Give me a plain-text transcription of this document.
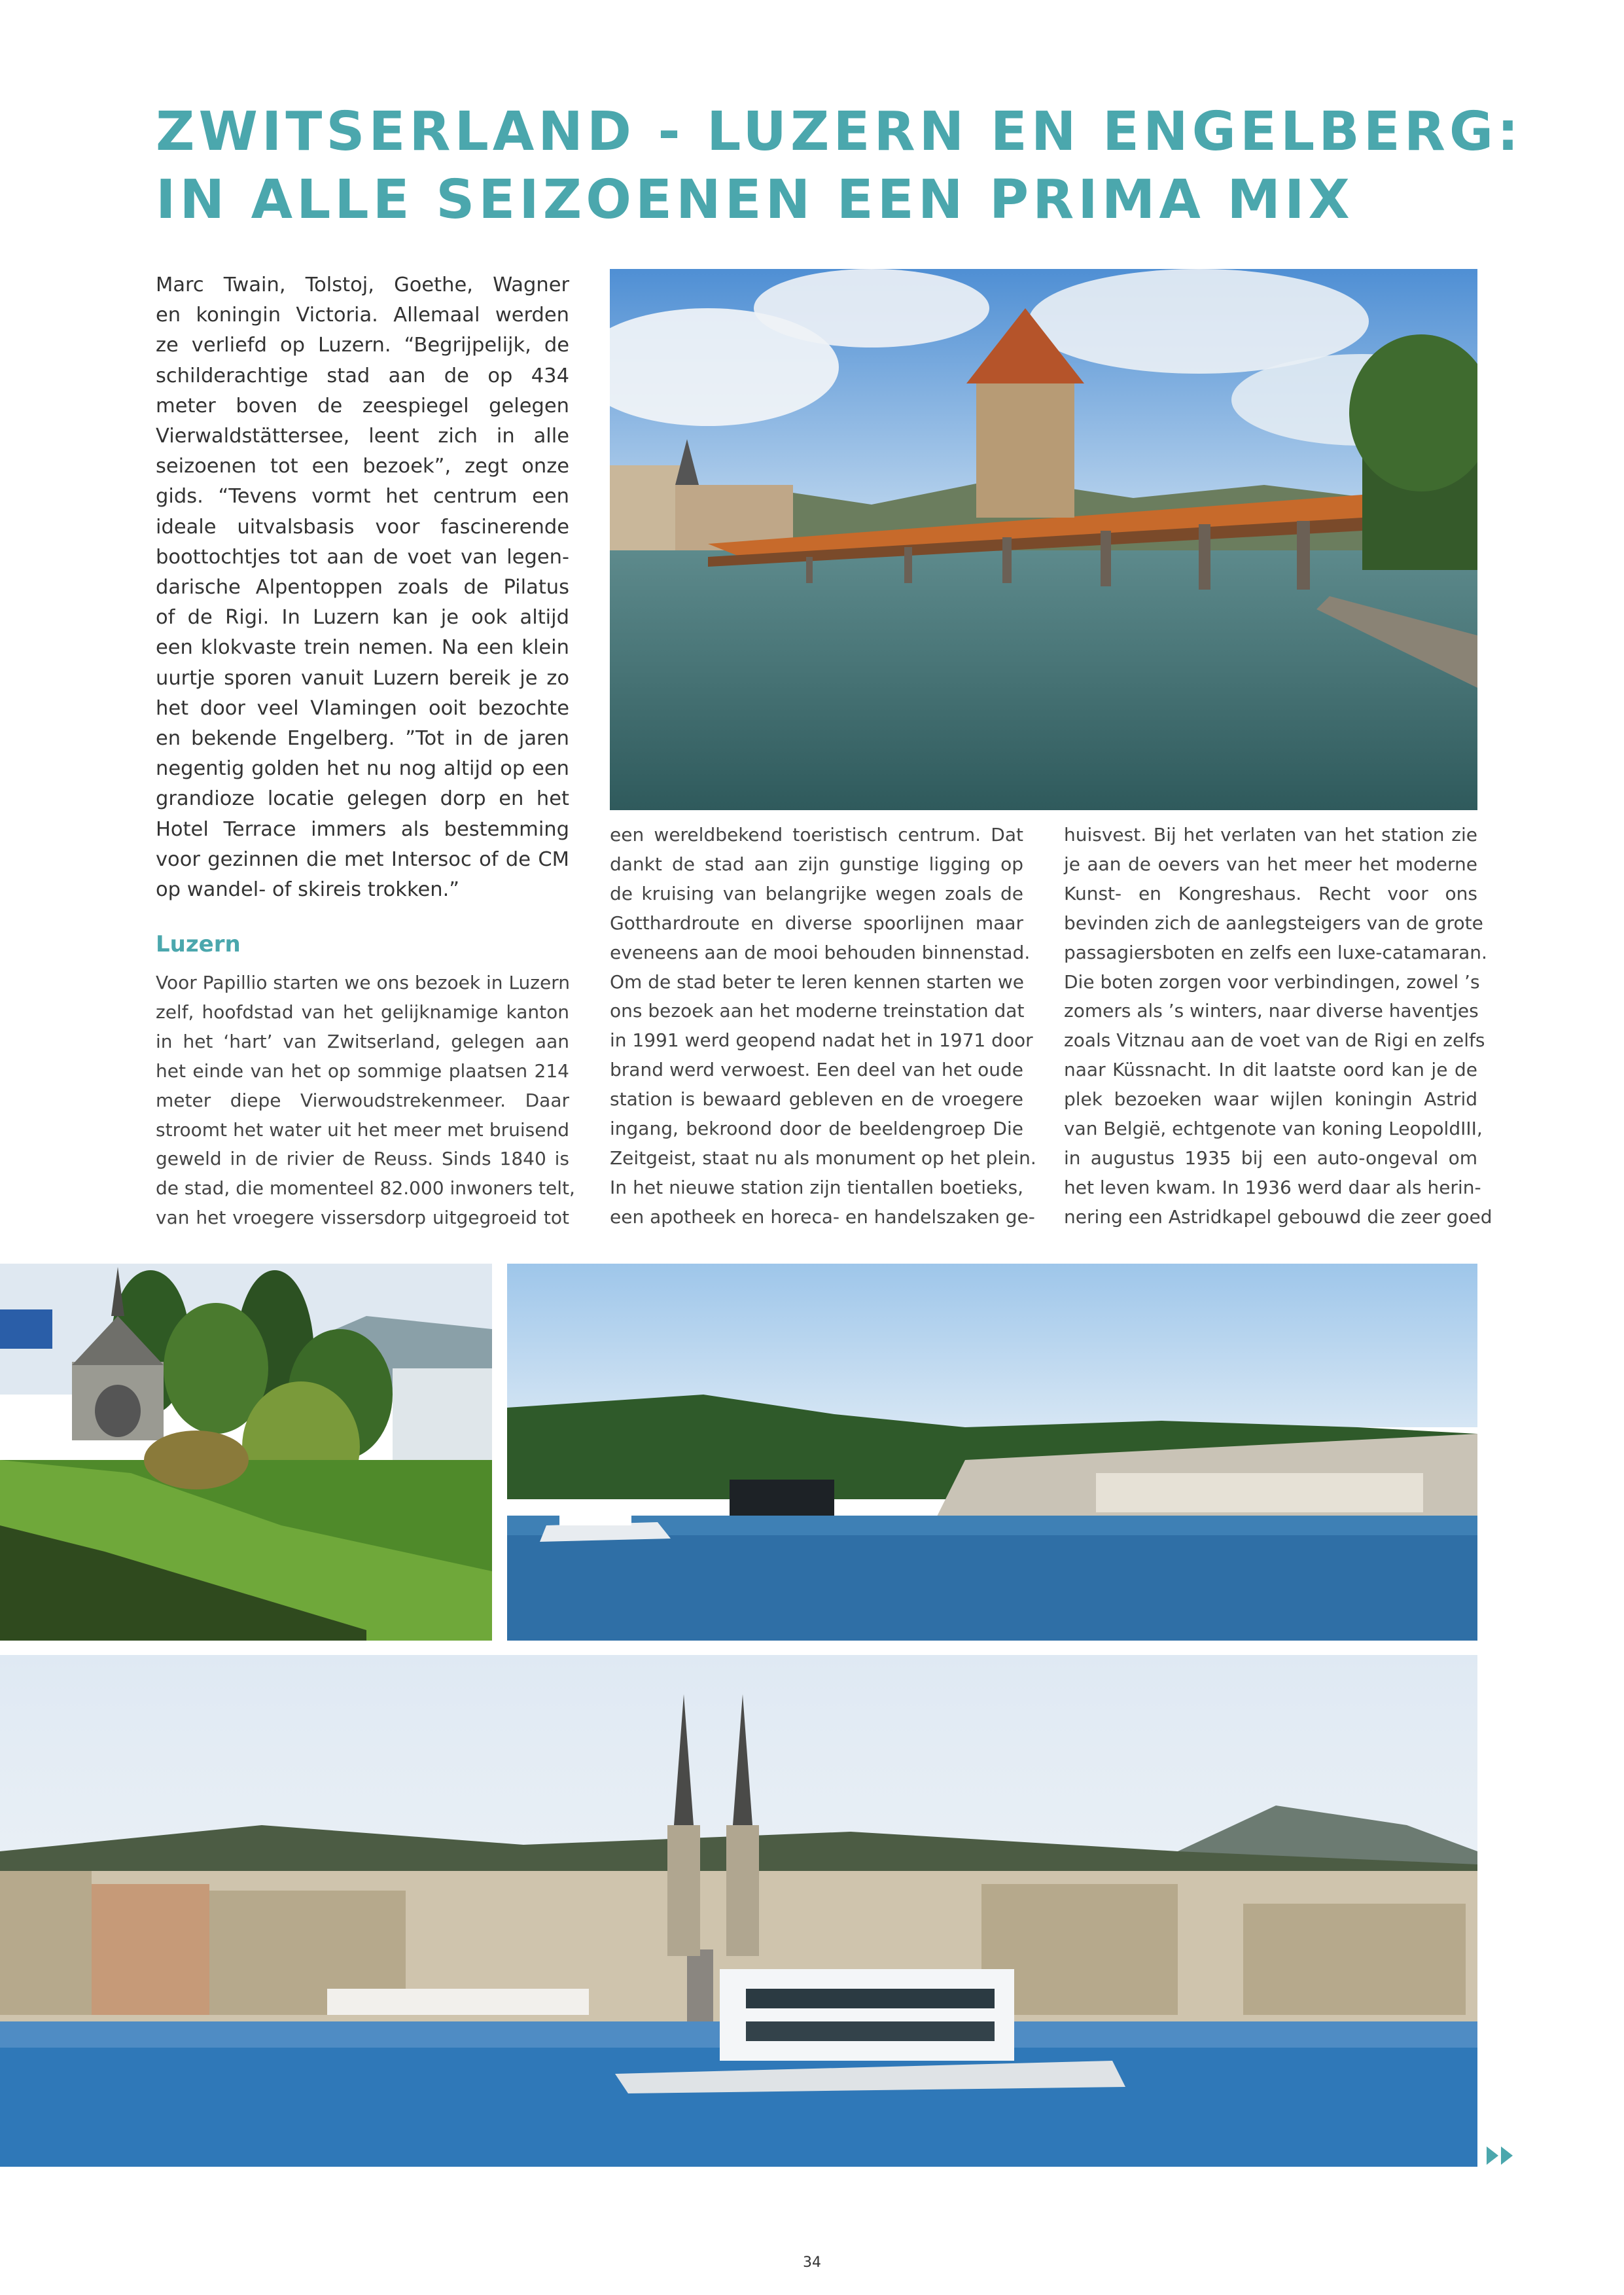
ZWITSERLAND - LUZERN EN ENGELBERG:
IN ALLE SEIZOENEN EEN PRIMA MIX
Marc Twain, Tolstoj, Goethe, Wagner
en koningin Victoria. Allemaal werden
ze verliefd op Luzern. “Begrijpelijk, de
schilderachtige stad aan de op 434
meter boven de zeespiegel gelegen
Vierwaldstättersee, leent zich in alle
seizoenen tot een bezoek”, zegt onze
gids. “Tevens vormt het centrum een
ideale uitvalsbasis voor fascinerende
boottochtjes tot aan de voet van legen-
darische Alpentoppen zoals de Pilatus
of de Rigi. In Luzern kan je ook altijd
een klokvaste trein nemen. Na een klein
uurtje sporen vanuit Luzern bereik je zo
het door veel Vlamingen ooit bezochte
en bekende Engelberg. ”Tot in de jaren
negentig golden het nu nog altijd op een
grandioze locatie gelegen dorp en het
Hotel Terrace immers als bestemming
voor gezinnen die met Intersoc of de CM
op wandel- of skireis trokken.”
Luzern
Voor Papillio starten we ons bezoek in Luzern
zelf, hoofdstad van het gelijknamige kanton
in het ‘hart’ van Zwitserland, gelegen aan
het einde van het op sommige plaatsen 214
meter diepe Vierwoudstrekenmeer. Daar
stroomt het water uit het meer met bruisend
geweld in de rivier de Reuss. Sinds 1840 is
de stad, die momenteel 82.000 inwoners telt,
van het vroegere vissersdorp uitgegroeid tot
een wereldbekend toeristisch centrum. Dat
dankt de stad aan zijn gunstige ligging op
de kruising van belangrijke wegen zoals de
Gotthardroute en diverse spoorlijnen maar
eveneens aan de mooi behouden binnenstad.
Om de stad beter te leren kennen starten we
ons bezoek aan het moderne treinstation dat
in 1991 werd geopend nadat het in 1971 door
brand werd verwoest. Een deel van het oude
station is bewaard gebleven en de vroegere
ingang, bekroond door de beeldengroep Die
Zeitgeist, staat nu als monument op het plein.
In het nieuwe station zijn tientallen boetieks,
een apotheek en horeca- en handelszaken ge-
huisvest. Bij het verlaten van het station zie
je aan de oevers van het meer het moderne
Kunst- en Kongreshaus. Recht voor ons
bevinden zich de aanlegsteigers van de grote
passagiersboten en zelfs een luxe-catamaran.
Die boten zorgen voor verbindingen, zowel ’s
zomers als ’s winters, naar diverse haventjes
zoals Vitznau aan de voet van de Rigi en zelfs
naar Küssnacht. In dit laatste oord kan je de
plek bezoeken waar wijlen koningin Astrid
van België, echtgenote van koning LeopoldIII,
in augustus 1935 bij een auto-ongeval om
het leven kwam. In 1936 werd daar als herin-
nering een Astridkapel gebouwd die zeer goed
34
